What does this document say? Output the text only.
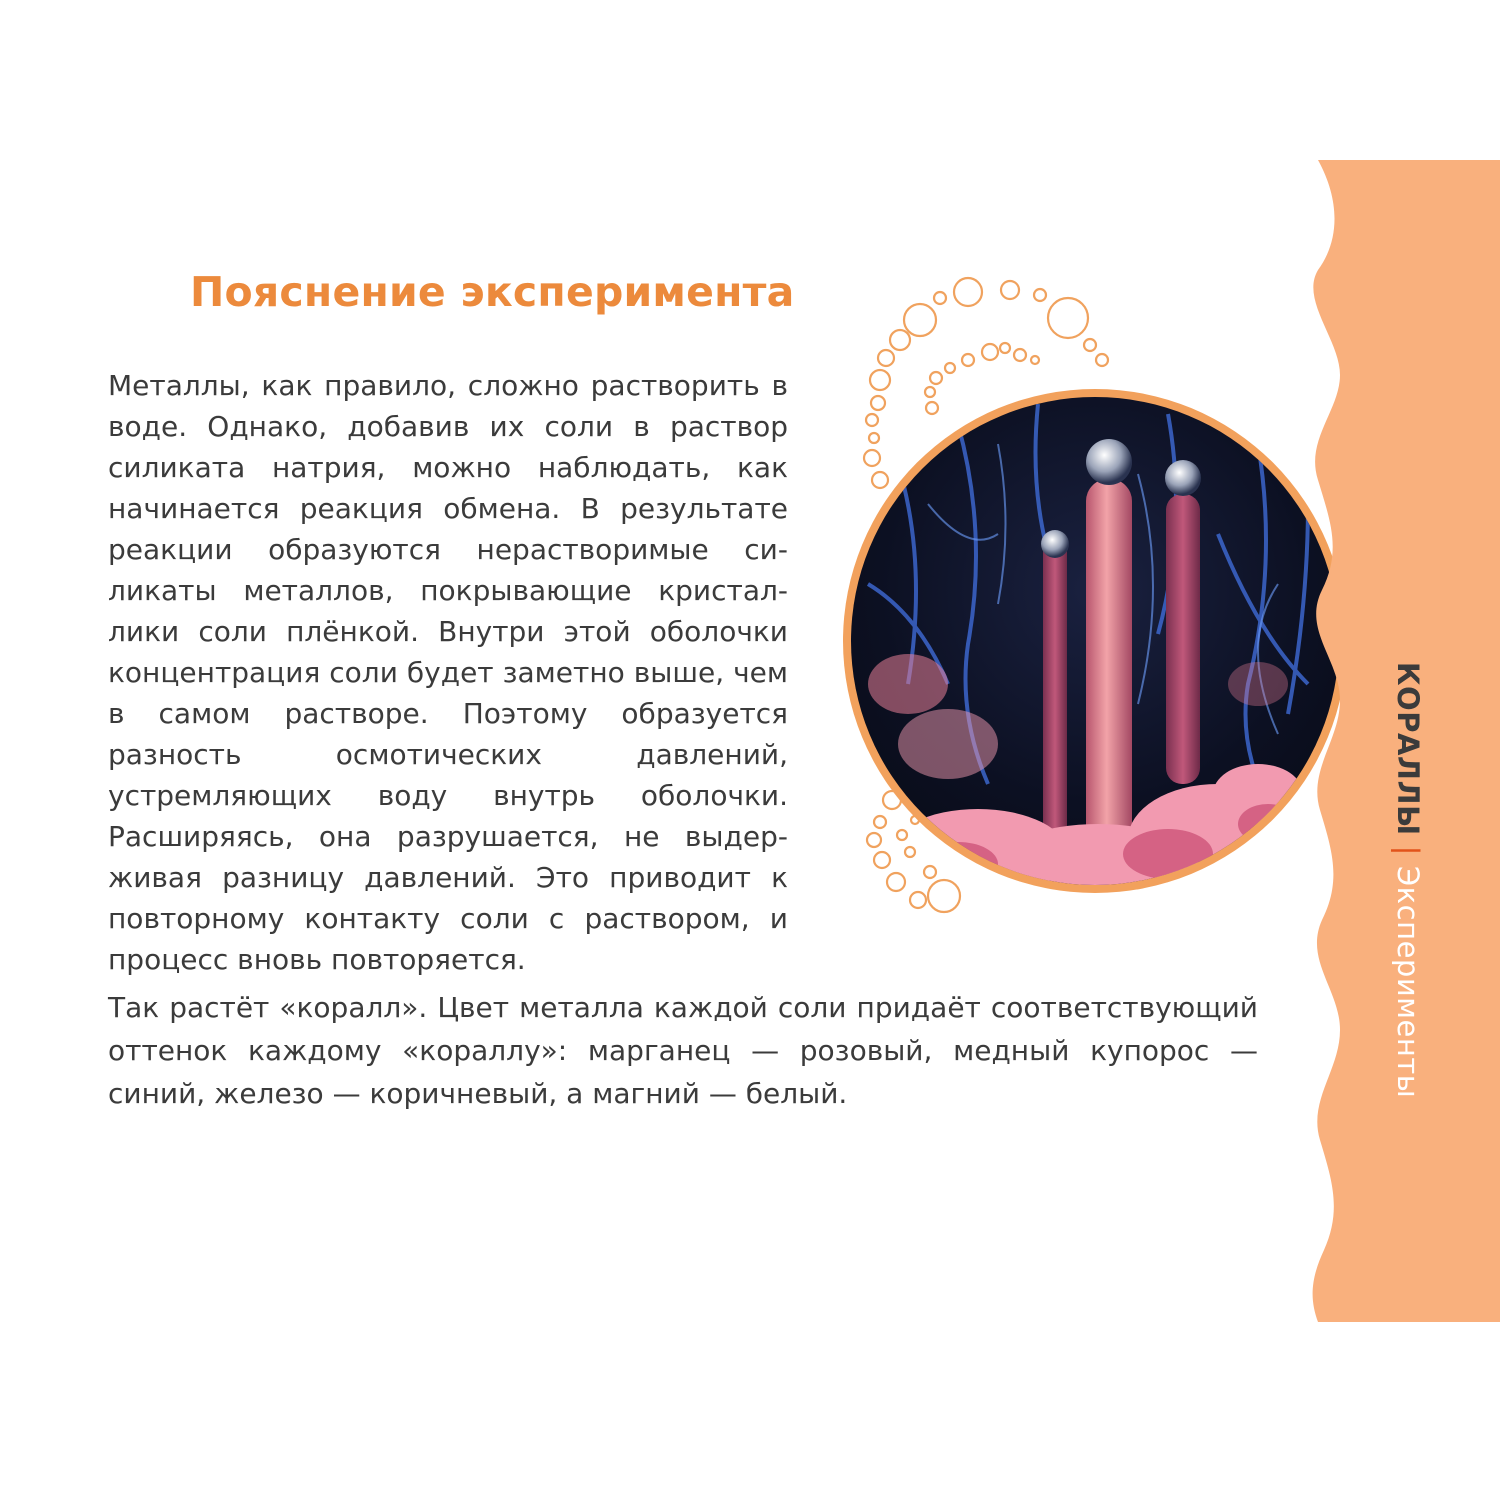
Пояснение эксперимента

Металлы, как правило, сложно растворить в воде. Однако, добавив их соли в раствор силиката натрия, можно наблюдать, как начинается реакция обмена. В результате реакции образуются нерастворимые силикаты металлов, покрывающие кристаллики соли плёнкой. Внутри этой оболочки концентрация соли будет заметно выше, чем в самом растворе. Поэтому образуется разность осмотических давлений, устремляющих воду внутрь оболочки. Расширяясь, она разрушается, не выдерживая разницу давлений. Это приводит к повторному контакту соли с раствором, и процесс вновь повторяется.

Так растёт «коралл». Цвет металла каждой соли придаёт соответствующий оттенок каждому «кораллу»: марганец — розовый, медный купорос — синий, железо — коричневый, а магний — белый.

КОРАЛЛЫ|Эксперименты
